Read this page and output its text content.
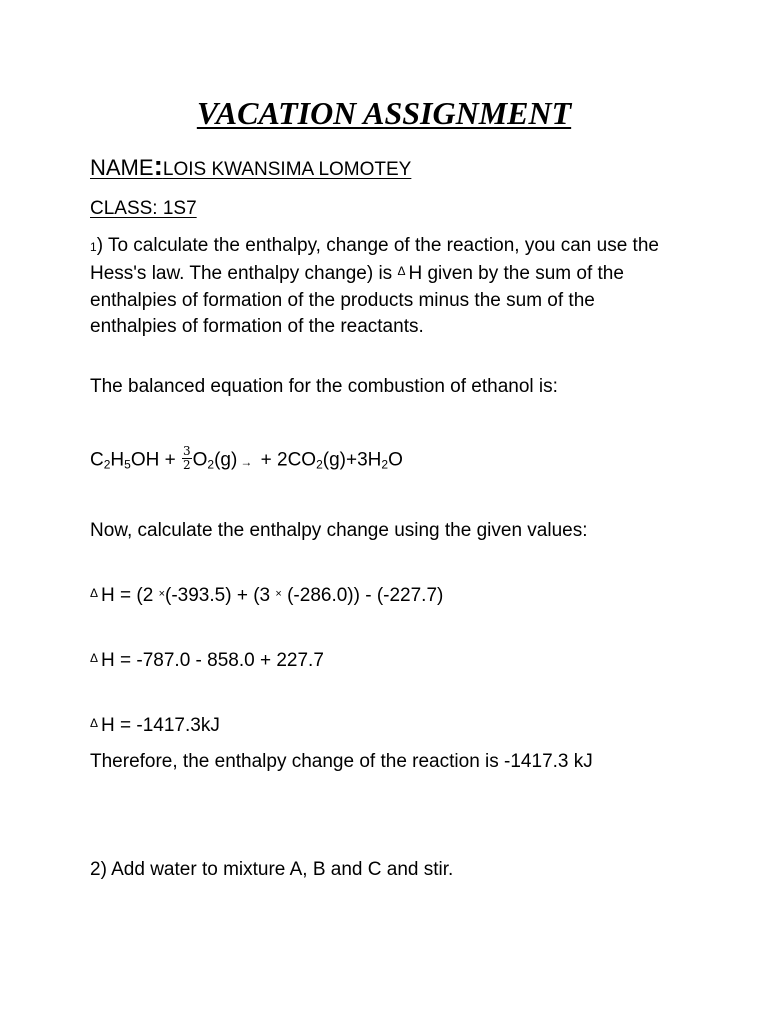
VACATION ASSIGNMENT
NAME:LOIS KWANSIMA LOMOTEY
CLASS: 1S7
1) To calculate the enthalpy, change of the reaction, you can use the Hess's law. The enthalpy change) is $^\Delta$ H given by the sum of the enthalpies of formation of the products minus the sum of the enthalpies of formation of the reactants.
The balanced equation for the combustion of ethanol is:
$C_2H_5OH + \frac{3}{2} O_2(g)$ → + $2CO_2(g)+3H_2O$
Now, calculate the enthalpy change using the given values:
$^\Delta$ H = (2 ×(-393.5) + (3 × (-286.0)) - (-227.7)
$^\Delta$ H = -787.0 - 858.0 + 227.7
$^\Delta$ H = -1417.3kJ
Therefore, the enthalpy change of the reaction is -1417.3 kJ
2) Add water to mixture A, B and C and stir.
